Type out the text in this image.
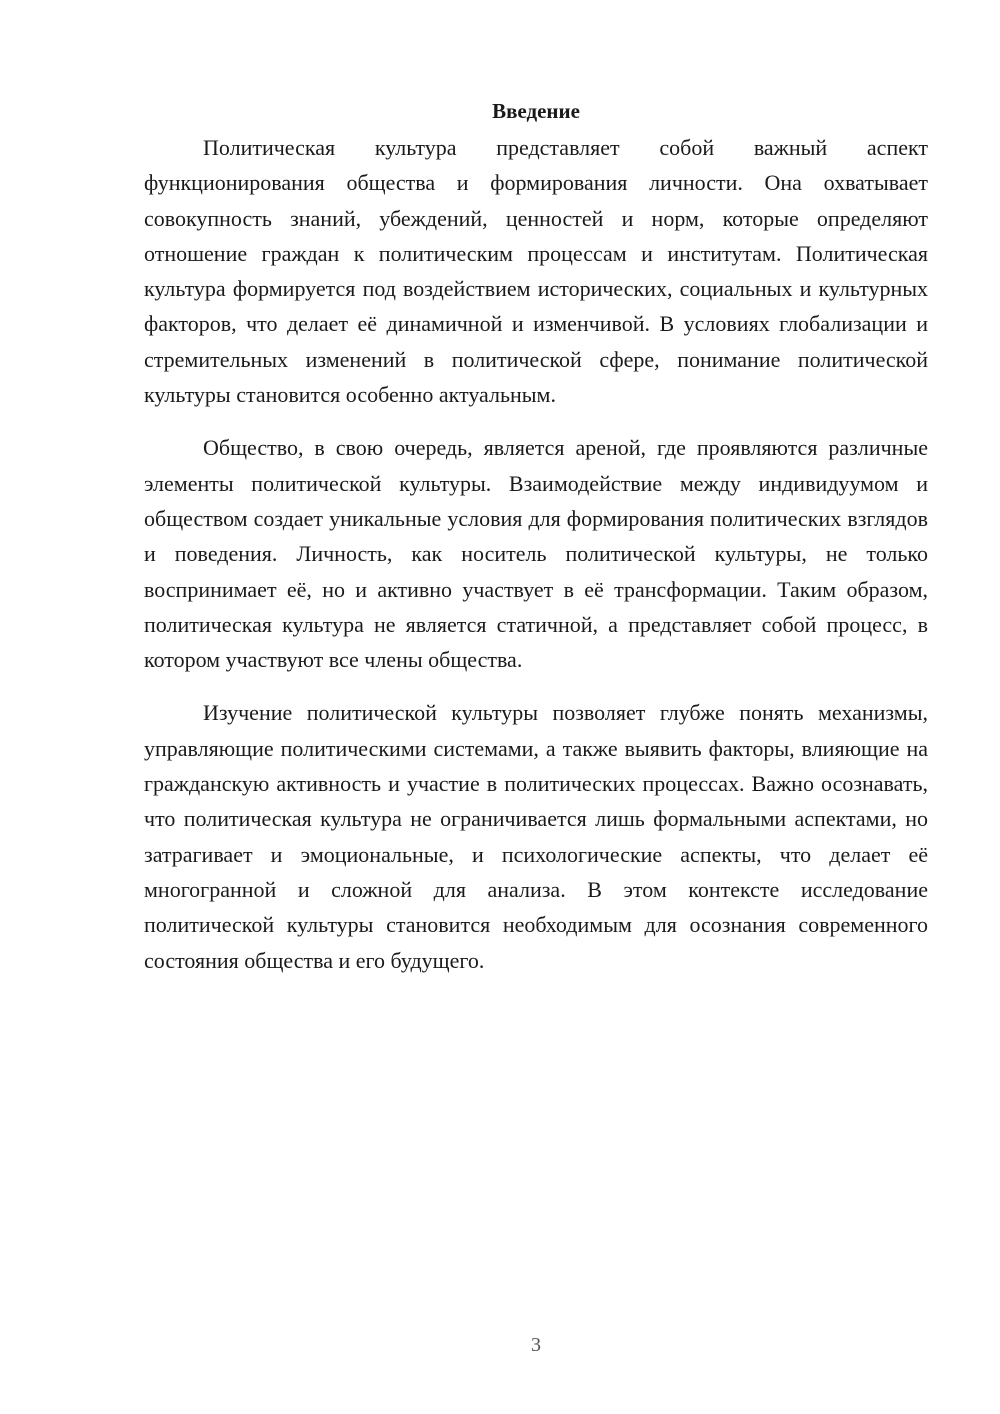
Введение

Политическая культура представляет собой важный аспект функционирования общества и формирования личности. Она охватывает совокупность знаний, убеждений, ценностей и норм, которые определяют отношение граждан к политическим процессам и институтам. Политическая культура формируется под воздействием исторических, социальных и культурных факторов, что делает её динамичной и изменчивой. В условиях глобализации и стремительных изменений в политической сфере, понимание политической культуры становится особенно актуальным.

Общество, в свою очередь, является ареной, где проявляются различные элементы политической культуры. Взаимодействие между индивидуумом и обществом создает уникальные условия для формирования политических взглядов и поведения. Личность, как носитель политической культуры, не только воспринимает её, но и активно участвует в её трансформации. Таким образом, политическая культура не является статичной, а представляет собой процесс, в котором участвуют все члены общества.

Изучение политической культуры позволяет глубже понять механизмы, управляющие политическими системами, а также выявить факторы, влияющие на гражданскую активность и участие в политических процессах. Важно осознавать, что политическая культура не ограничивается лишь формальными аспектами, но затрагивает и эмоциональные, и психологические аспекты, что делает её многогранной и сложной для анализа. В этом контексте исследование политической культуры становится необходимым для осознания современного состояния общества и его будущего.

3
